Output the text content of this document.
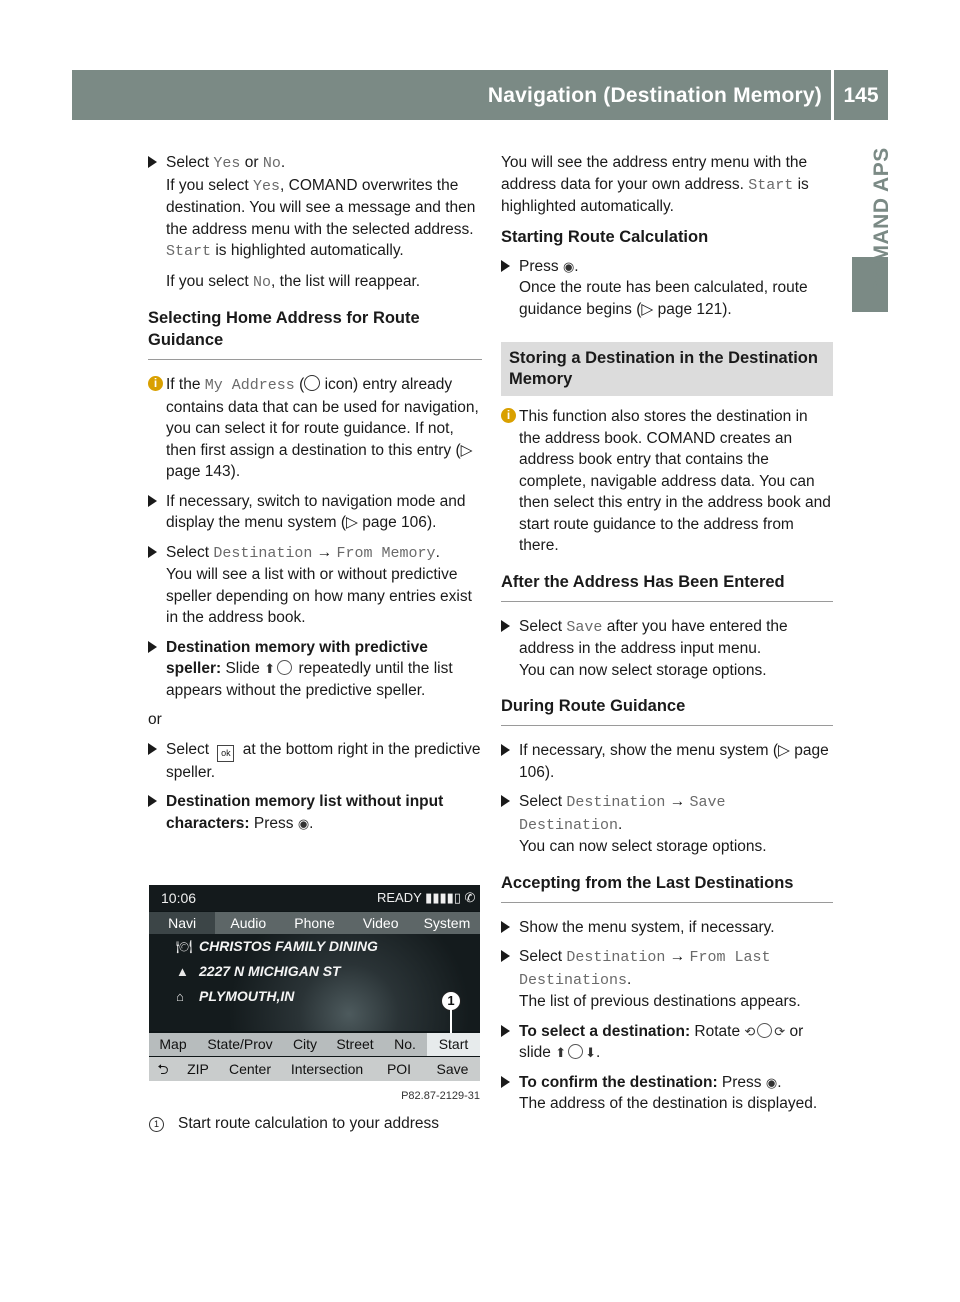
Navigation (Destination Memory) 145
COMAND APS
Select Yes or No.
If you select Yes, COMAND overwrites the destination. You will see a message and then the address menu with the selected address. Start is highlighted automatically.
If you select No, the list will reappear.
Selecting Home Address for Route Guidance
i If the My Address ( icon) entry already contains data that can be used for navigation, you can select it for route guidance. If not, then first assign a destination to this entry (▷ page 143).
If necessary, switch to navigation mode and display the menu system (▷ page 106).
Select Destination → From Memory.
You will see a list with or without predictive speller depending on how many entries exist in the address book.
Destination memory with predictive speller: Slide ⬆ repeatedly until the list appears without the predictive speller.
or
Select ok at the bottom right in the predictive speller.
Destination memory list without input characters: Press ◉.
10:06	READY ▮▮▮▮▯ ✆
Navi	Audio	Phone	Video	System
🍽 CHRISTOS FAMILY DINING
▲ 2227 N MICHIGAN ST
⌂ PLYMOUTH,IN	1
Map	State/Prov	City	Street	No.	Start
⮌	ZIP	Center	Intersection	POI	Save
P82.87-2129-31
1 Start route calculation to your address
You will see the address entry menu with the address data for your own address. Start is highlighted automatically.
Starting Route Calculation
Press ◉.
Once the route has been calculated, route guidance begins (▷ page 121).
Storing a Destination in the Destination Memory
i This function also stores the destination in the address book. COMAND creates an address book entry that contains the complete, navigable address data. You can then select this entry in the address book and start route guidance to the address from there.
After the Address Has Been Entered
Select Save after you have entered the address in the address input menu.
You can now select storage options.
During Route Guidance
If necessary, show the menu system (▷ page 106).
Select Destination → Save Destination.
You can now select storage options.
Accepting from the Last Destinations
Show the menu system, if necessary.
Select Destination → From Last Destinations.
The list of previous destinations appears.
To select a destination: Rotate ⟲ ⟳ or slide ⬆ ⬇.
To confirm the destination: Press ◉.
The address of the destination is displayed.
